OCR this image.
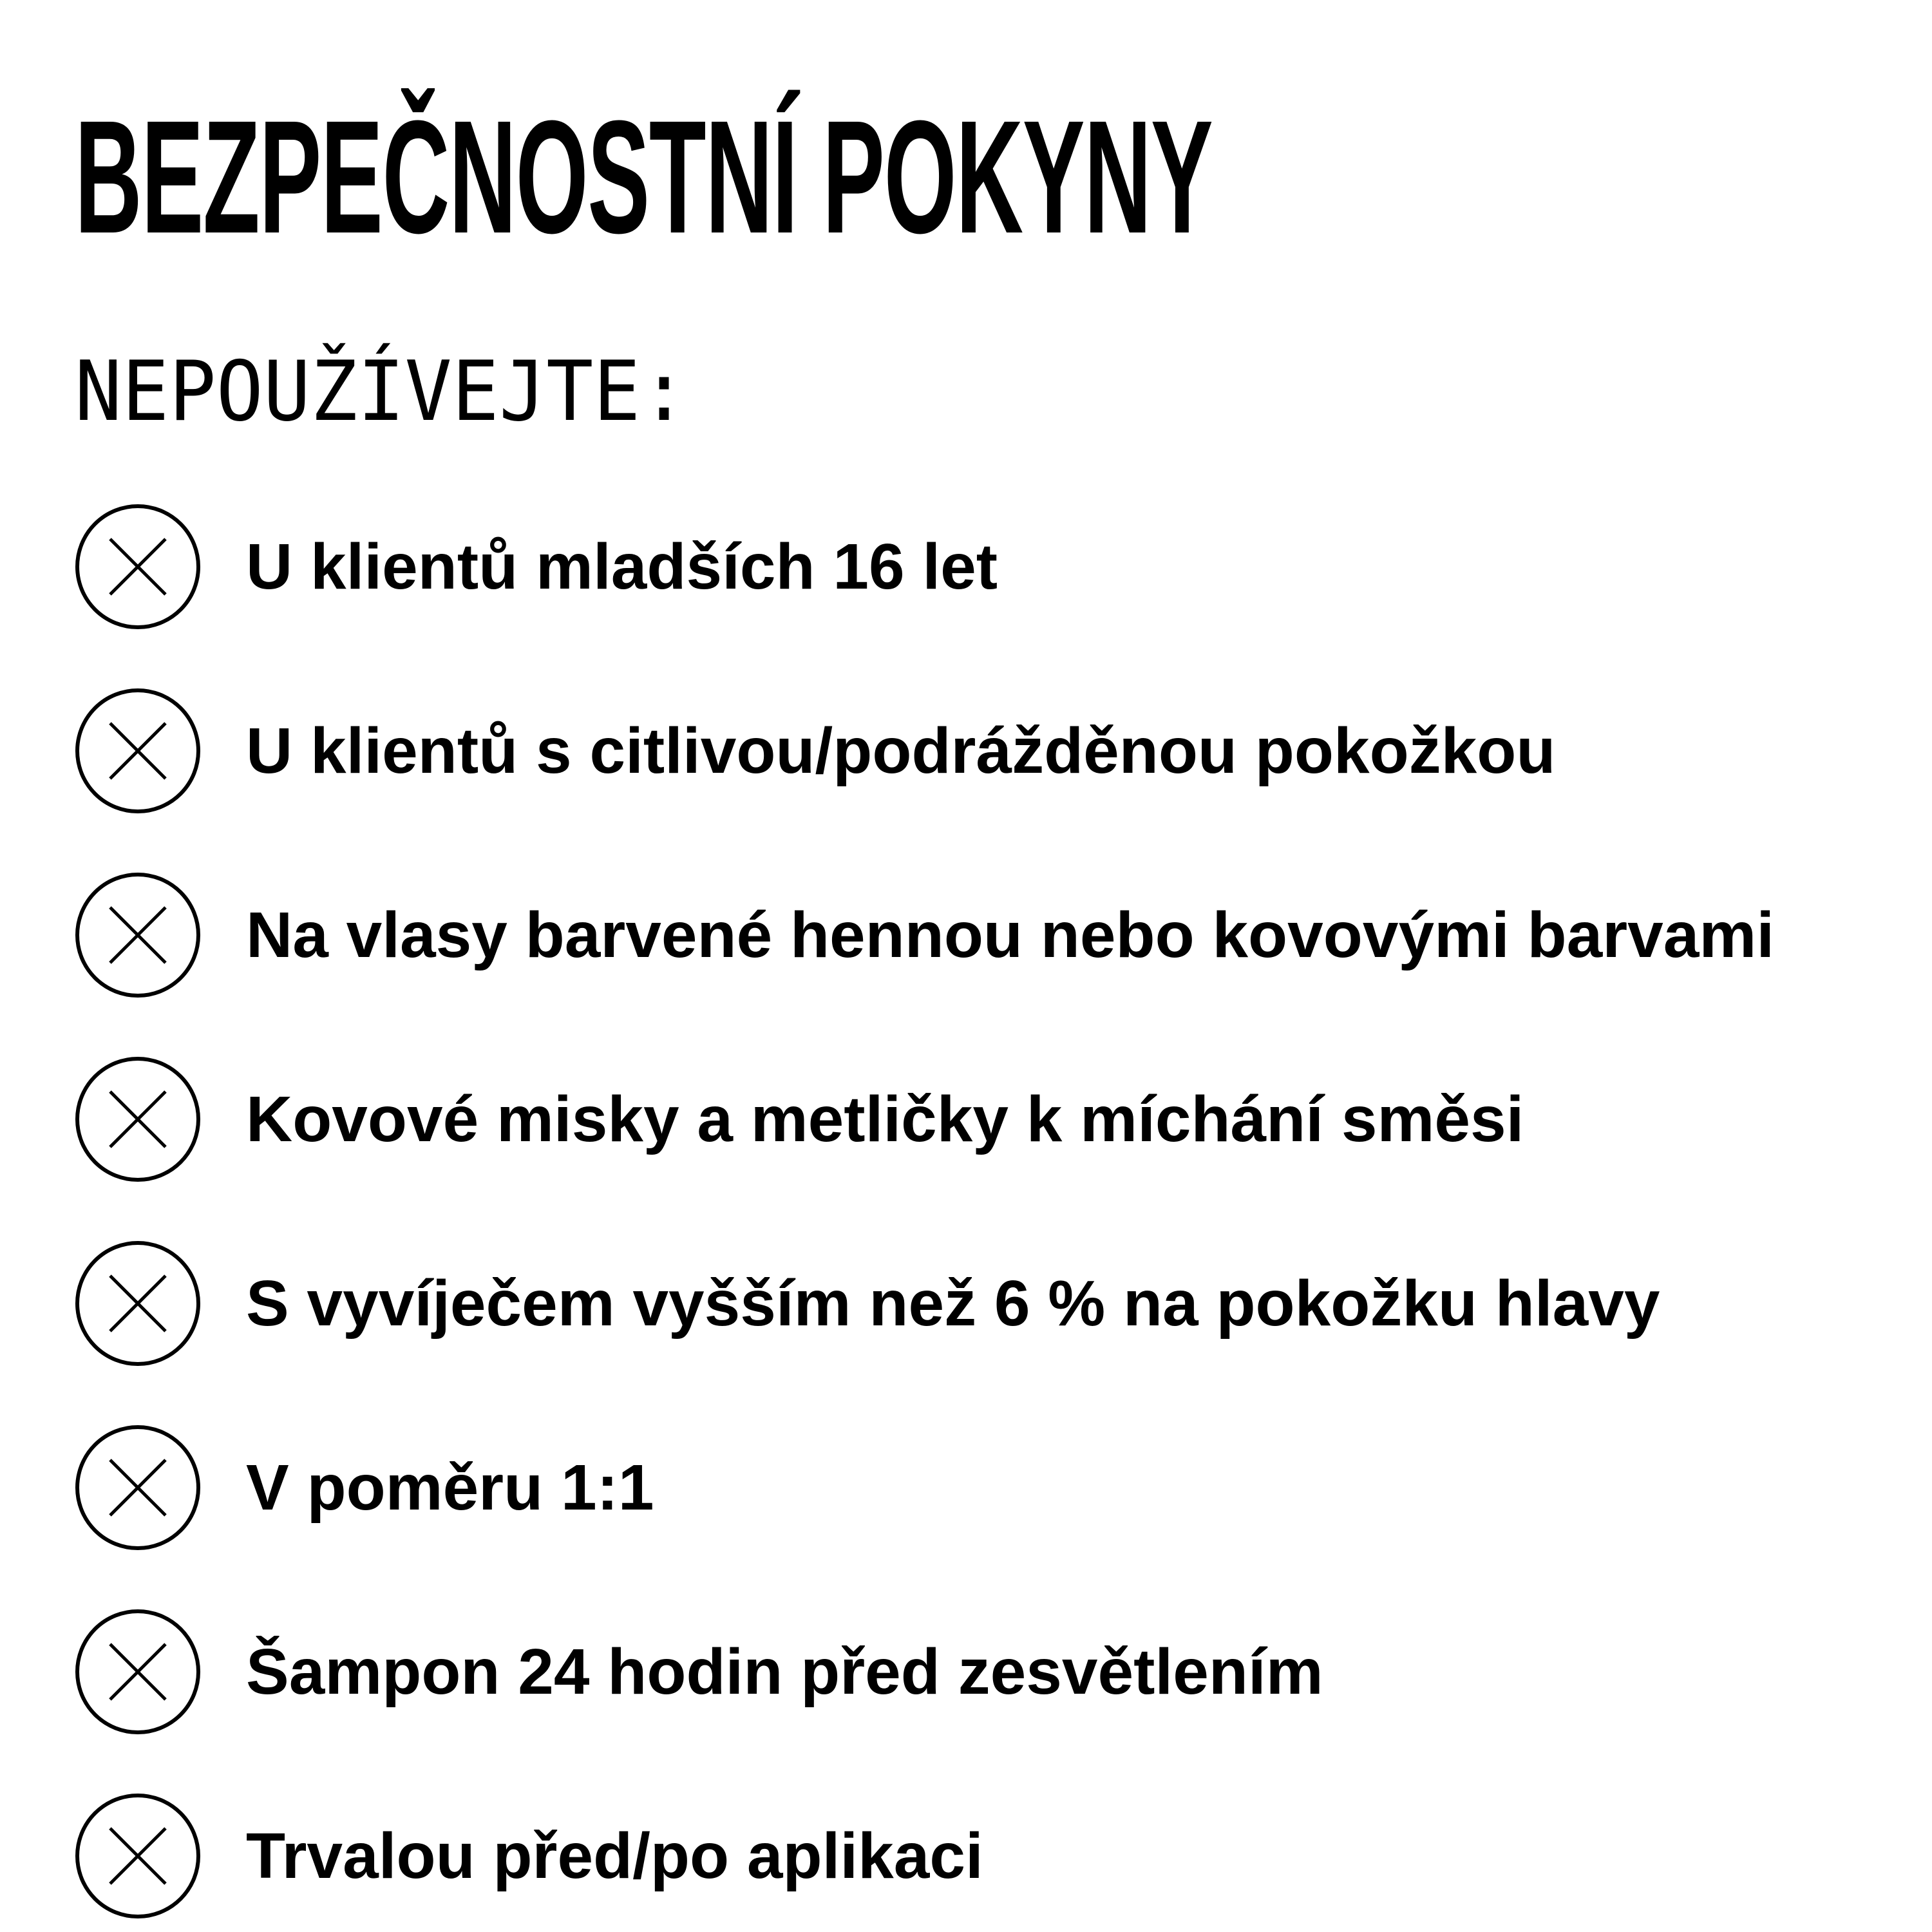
BEZPEČNOSTNÍ POKYNY
NEPOUŽÍVEJTE:
U klientů mladších 16 let
U klientů s citlivou/podrážděnou pokožkou
Na vlasy barvené hennou nebo kovovými barvami
Kovové misky a metličky k míchání směsi
S vyvíječem vyšším než 6 % na pokožku hlavy
V poměru 1:1
Šampon 24 hodin před zesvětlením
Trvalou před/po aplikaci
